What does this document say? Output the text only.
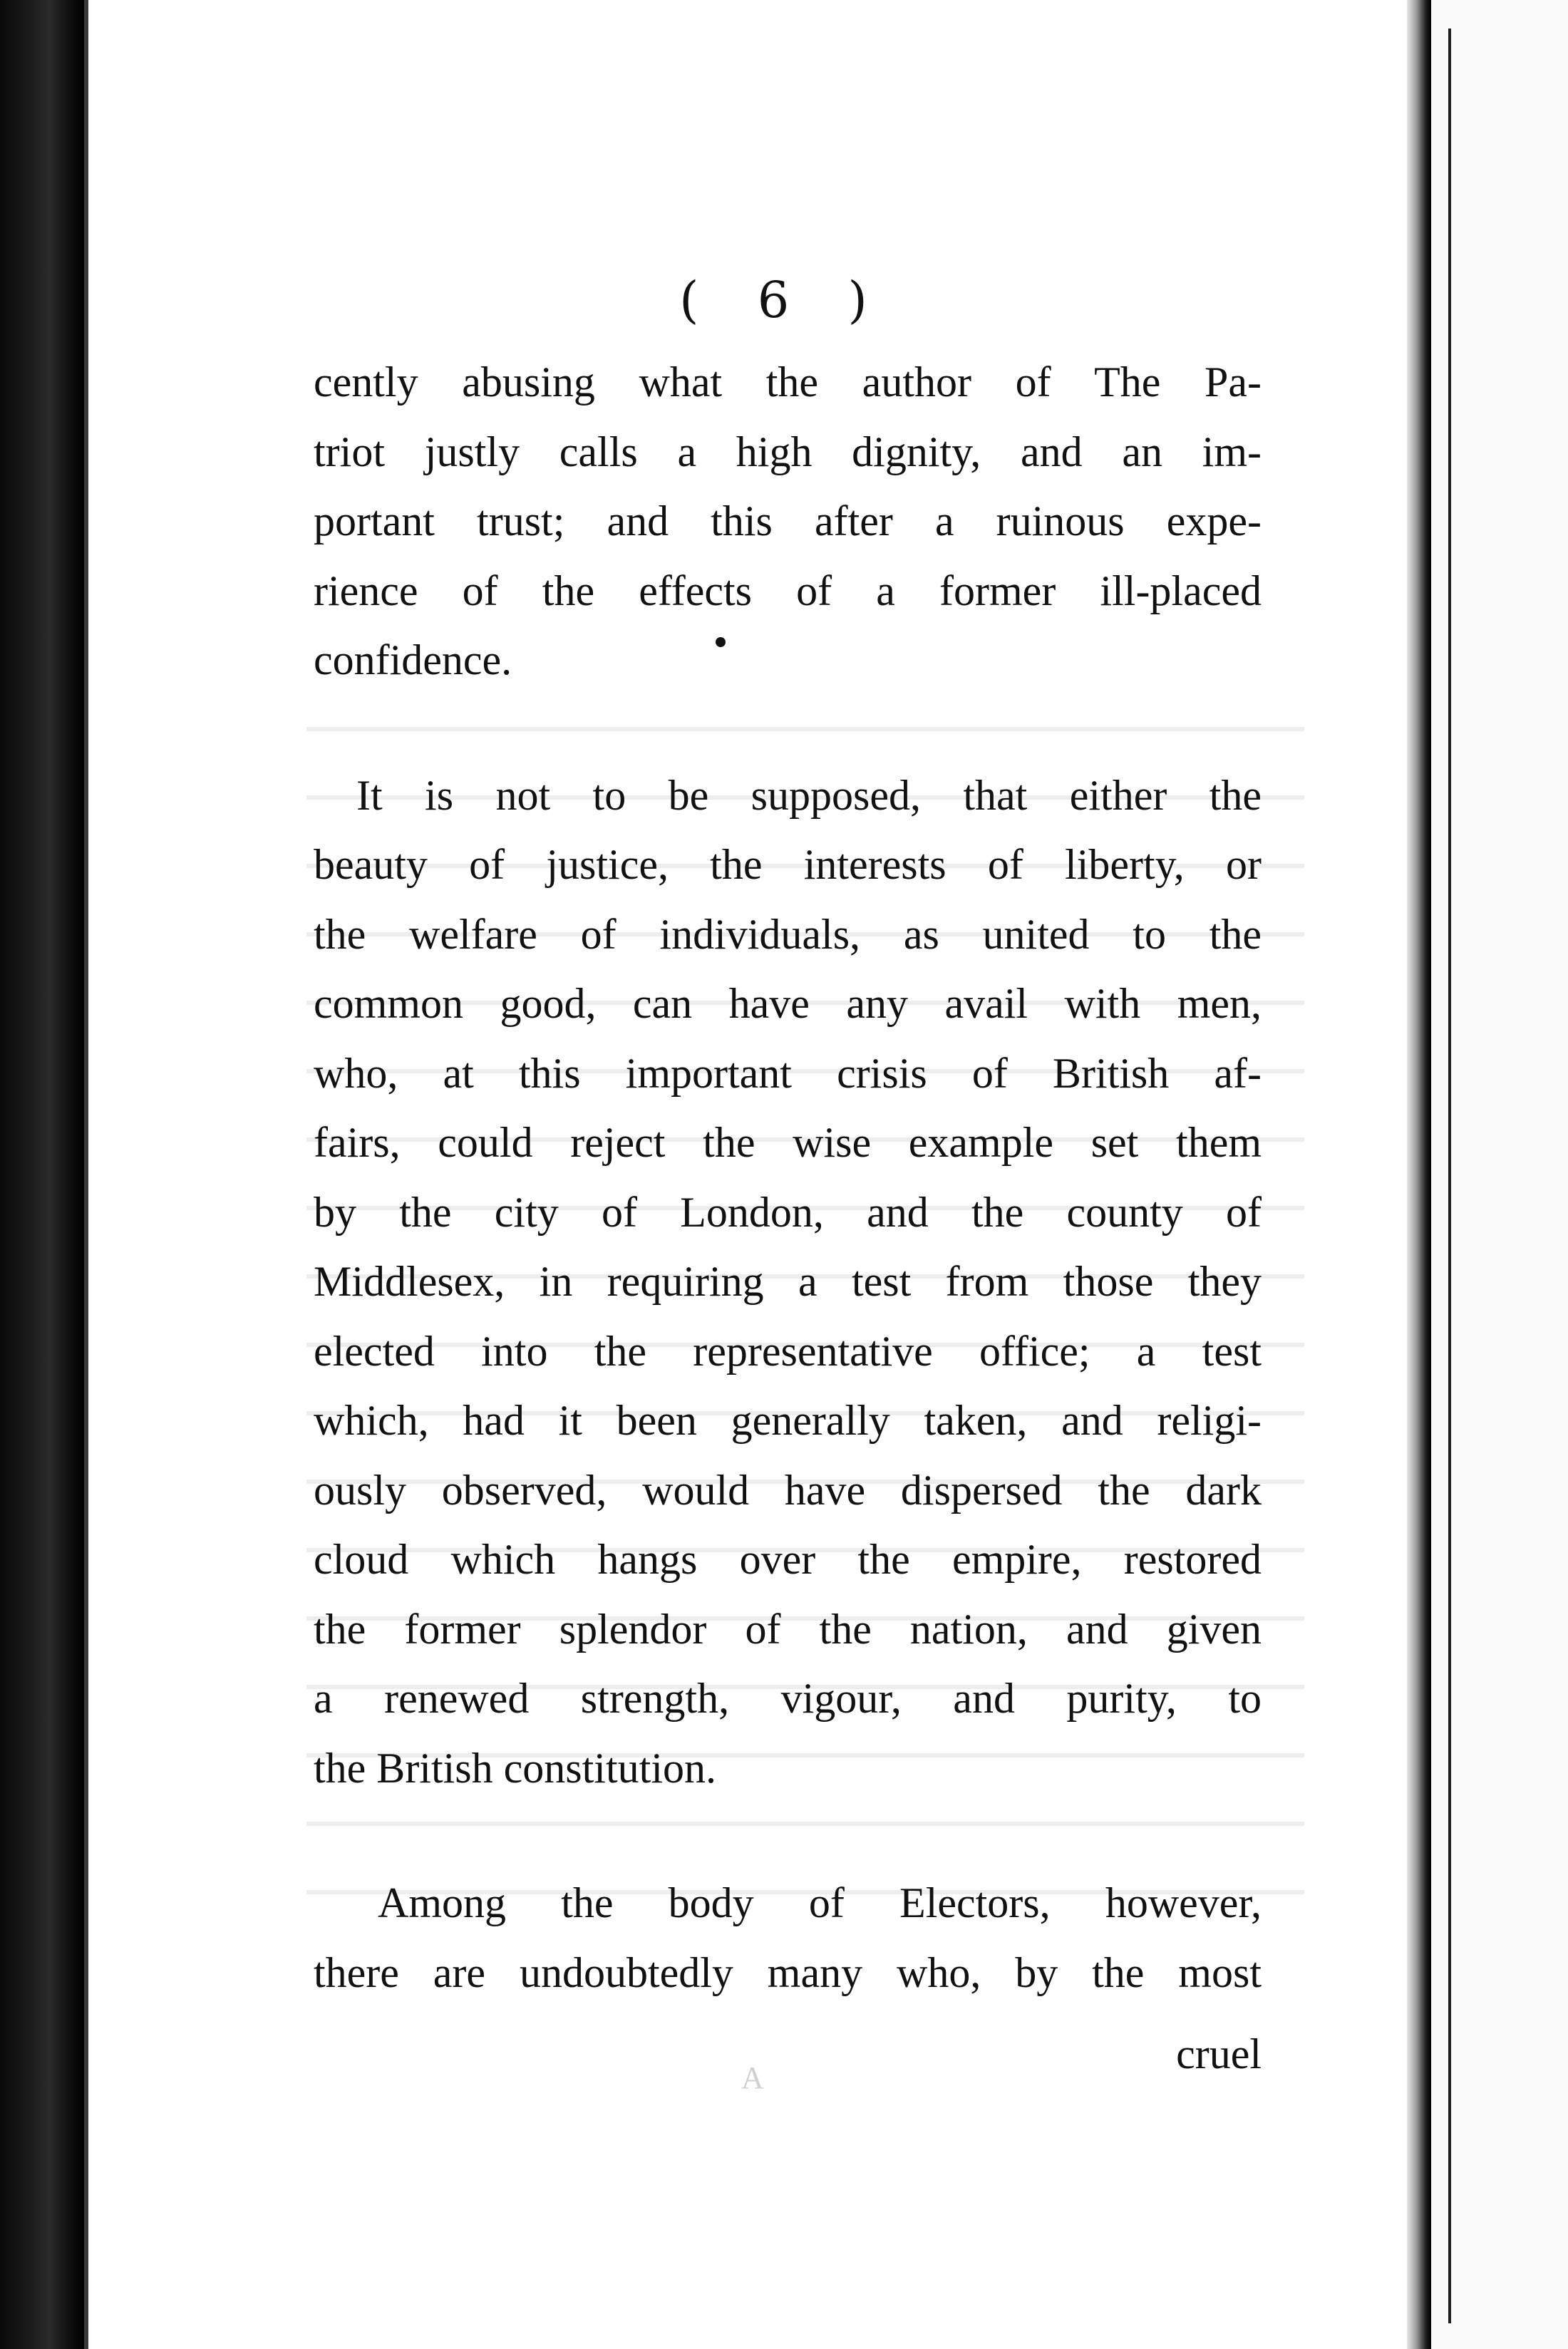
( 6 )
cently abusing what the author of The Pa-
triot justly calls a high dignity, and an im-
portant trust; and this after a ruinous expe-
rience of the effects of a former ill-placed
confidence.
It is not to be supposed, that either the
beauty of justice, the interests of liberty, or
the welfare of individuals, as united to the
common good, can have any avail with men,
who, at this important crisis of British af-
fairs, could reject the wise example set them
by the city of London, and the county of
Middlesex, in requiring a test from those they
elected into the representative office; a test
which, had it been generally taken, and religi-
ously observed, would have dispersed the dark
cloud which hangs over the empire, restored
the former splendor of the nation, and given
a renewed strength, vigour, and purity, to
the British constitution.
Among the body of Electors, however,
there are undoubtedly many who, by the most
A
cruel
